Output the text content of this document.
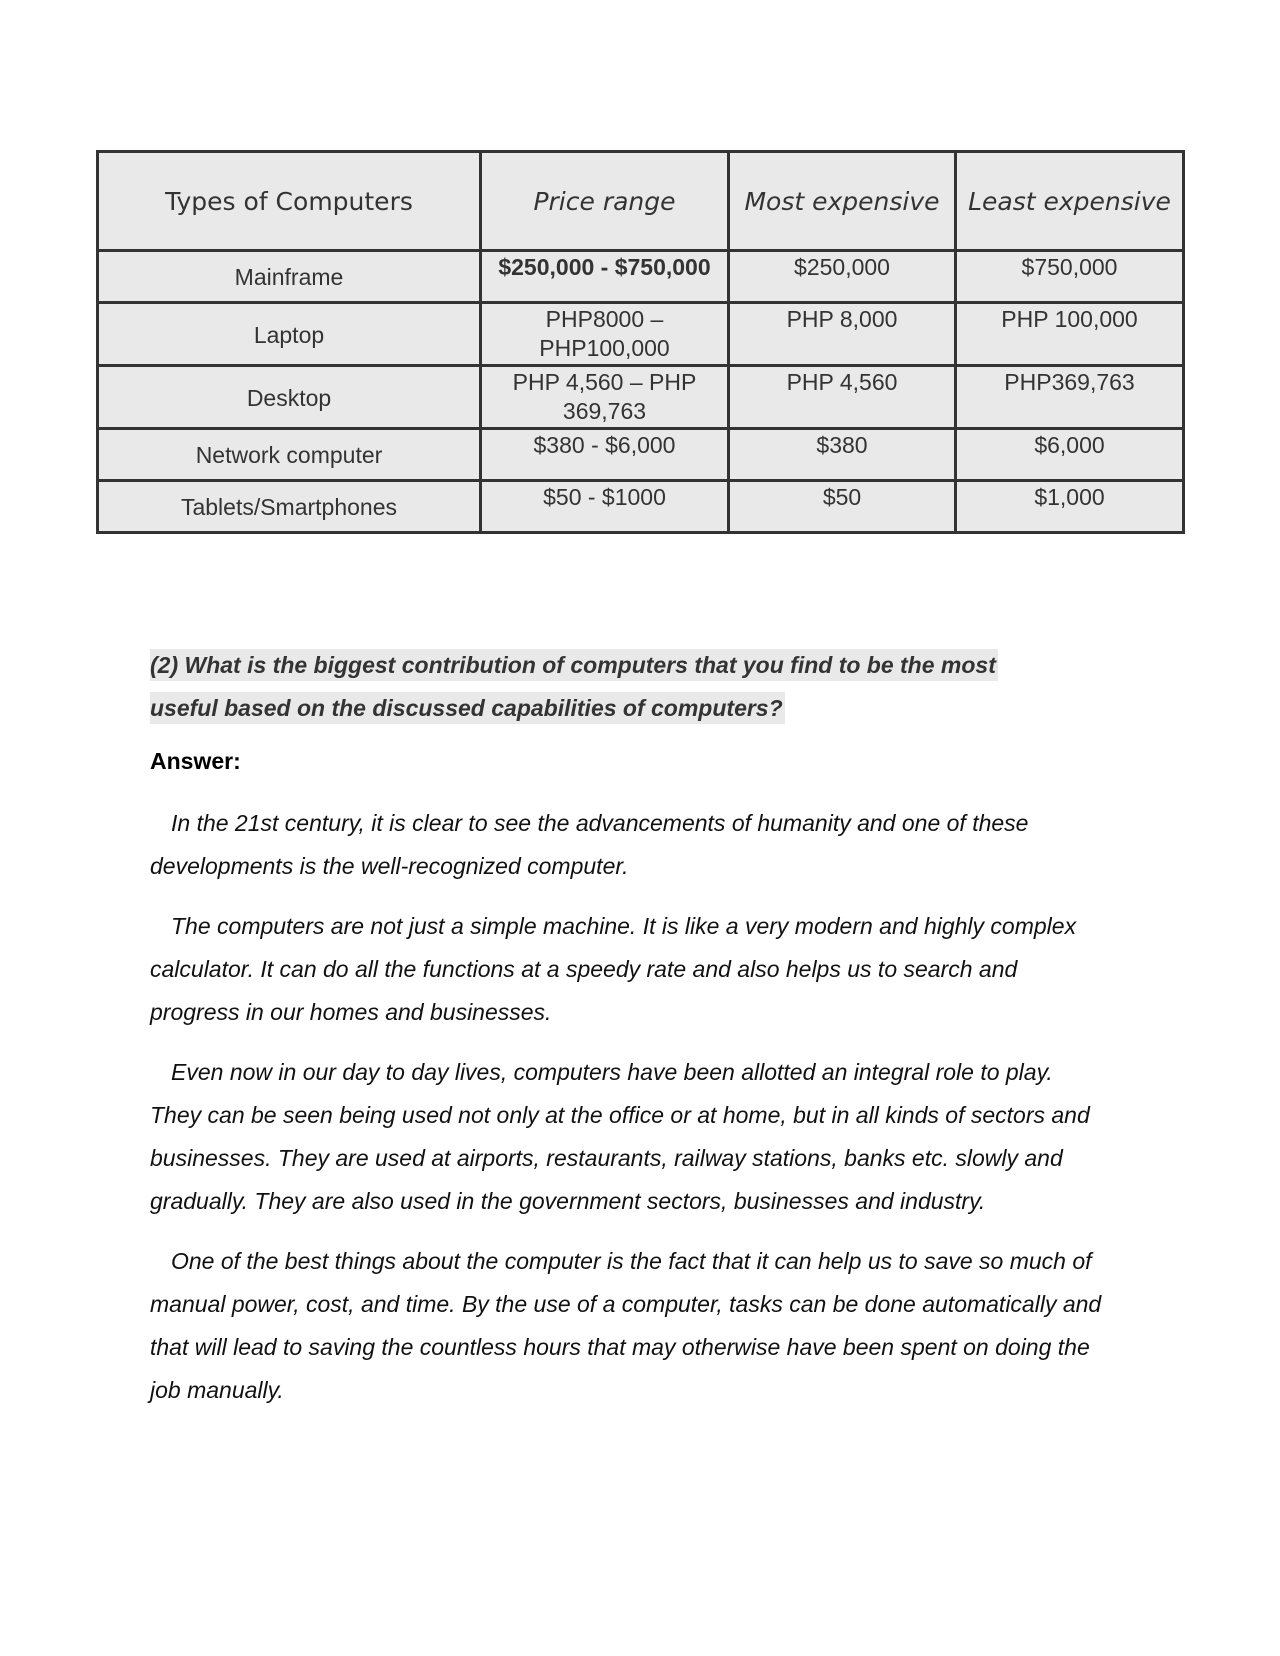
Types of Computers	Price range	Most expensive	Least expensive
Mainframe	$250,000 - $750,000	$250,000	$750,000
Laptop	PHP8000 – PHP100,000	PHP 8,000	PHP 100,000
Desktop	PHP 4,560 – PHP 369,763	PHP 4,560	PHP369,763
Network computer	$380 - $6,000	$380	$6,000
Tablets/Smartphones	$50 - $1000	$50	$1,000
(2) What is the biggest contribution of computers that you find to be the most useful based on the discussed capabilities of computers?
Answer:

In the 21st century, it is clear to see the advancements of humanity and one of these developments is the well-recognized computer.

The computers are not just a simple machine. It is like a very modern and highly complex calculator. It can do all the functions at a speedy rate and also helps us to search and progress in our homes and businesses.

Even now in our day to day lives, computers have been allotted an integral role to play. They can be seen being used not only at the office or at home, but in all kinds of sectors and businesses. They are used at airports, restaurants, railway stations, banks etc. slowly and gradually. They are also used in the government sectors, businesses and industry.

One of the best things about the computer is the fact that it can help us to save so much of manual power, cost, and time. By the use of a computer, tasks can be done automatically and that will lead to saving the countless hours that may otherwise have been spent on doing the job manually.
